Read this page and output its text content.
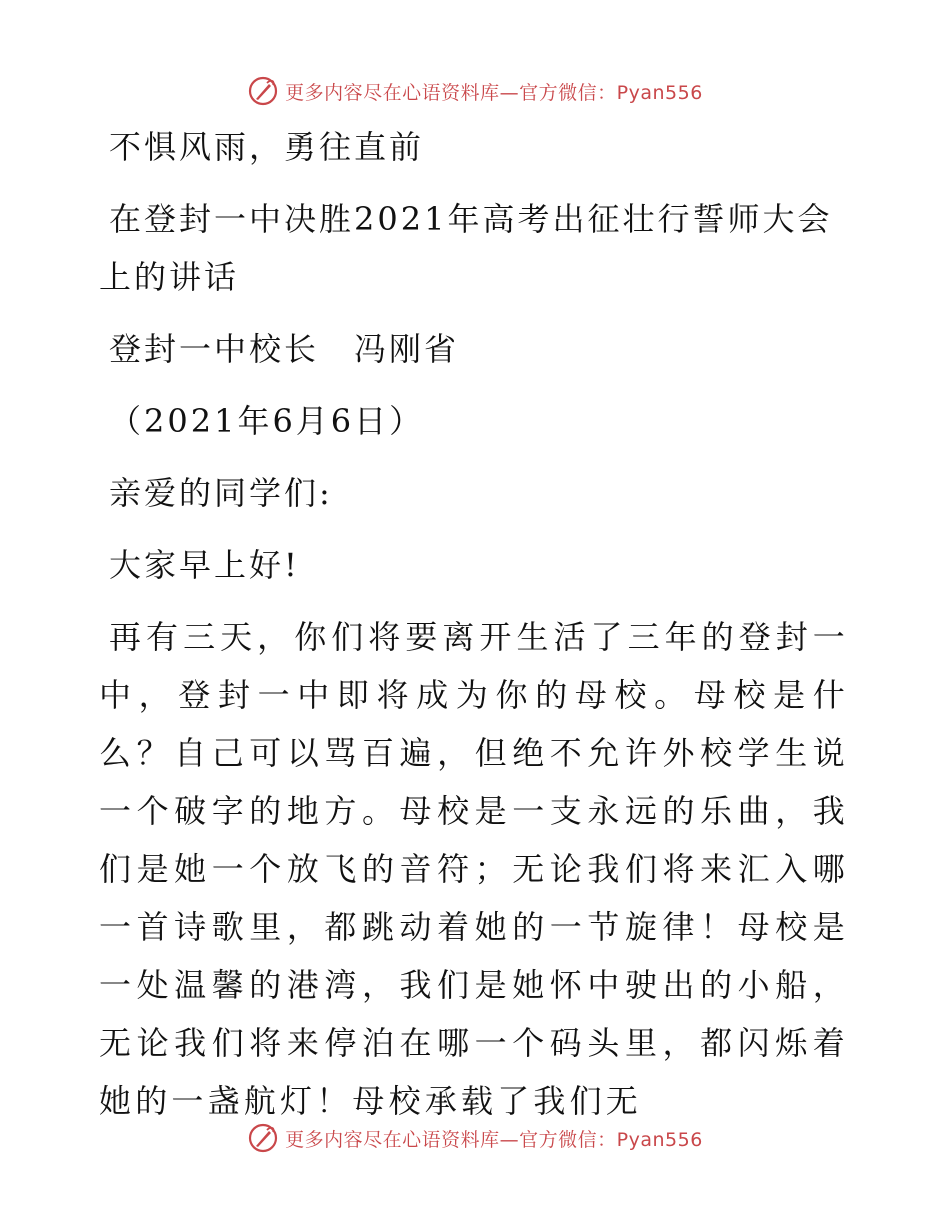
更多内容尽在心语资料库—官方微信：Pyan556

不惧风雨，勇往直前

在登封一中决胜2021年高考出征壮行誓师大会上的讲话

登封一中校长　冯刚省

（2021年6月6日）

亲爱的同学们:

大家早上好!

再有三天，你们将要离开生活了三年的登封一中，登封一中即将成为你的母校。母校是什么？自己可以骂百遍，但绝不允许外校学生说一个破字的地方。母校是一支永远的乐曲，我们是她一个放飞的音符；无论我们将来汇入哪一首诗歌里，都跳动着她的一节旋律！母校是一处温馨的港湾，我们是她怀中驶出的小船，无论我们将来停泊在哪一个码头里，都闪烁着她的一盏航灯！母校承载了我们无

更多内容尽在心语资料库—官方微信：Pyan556
